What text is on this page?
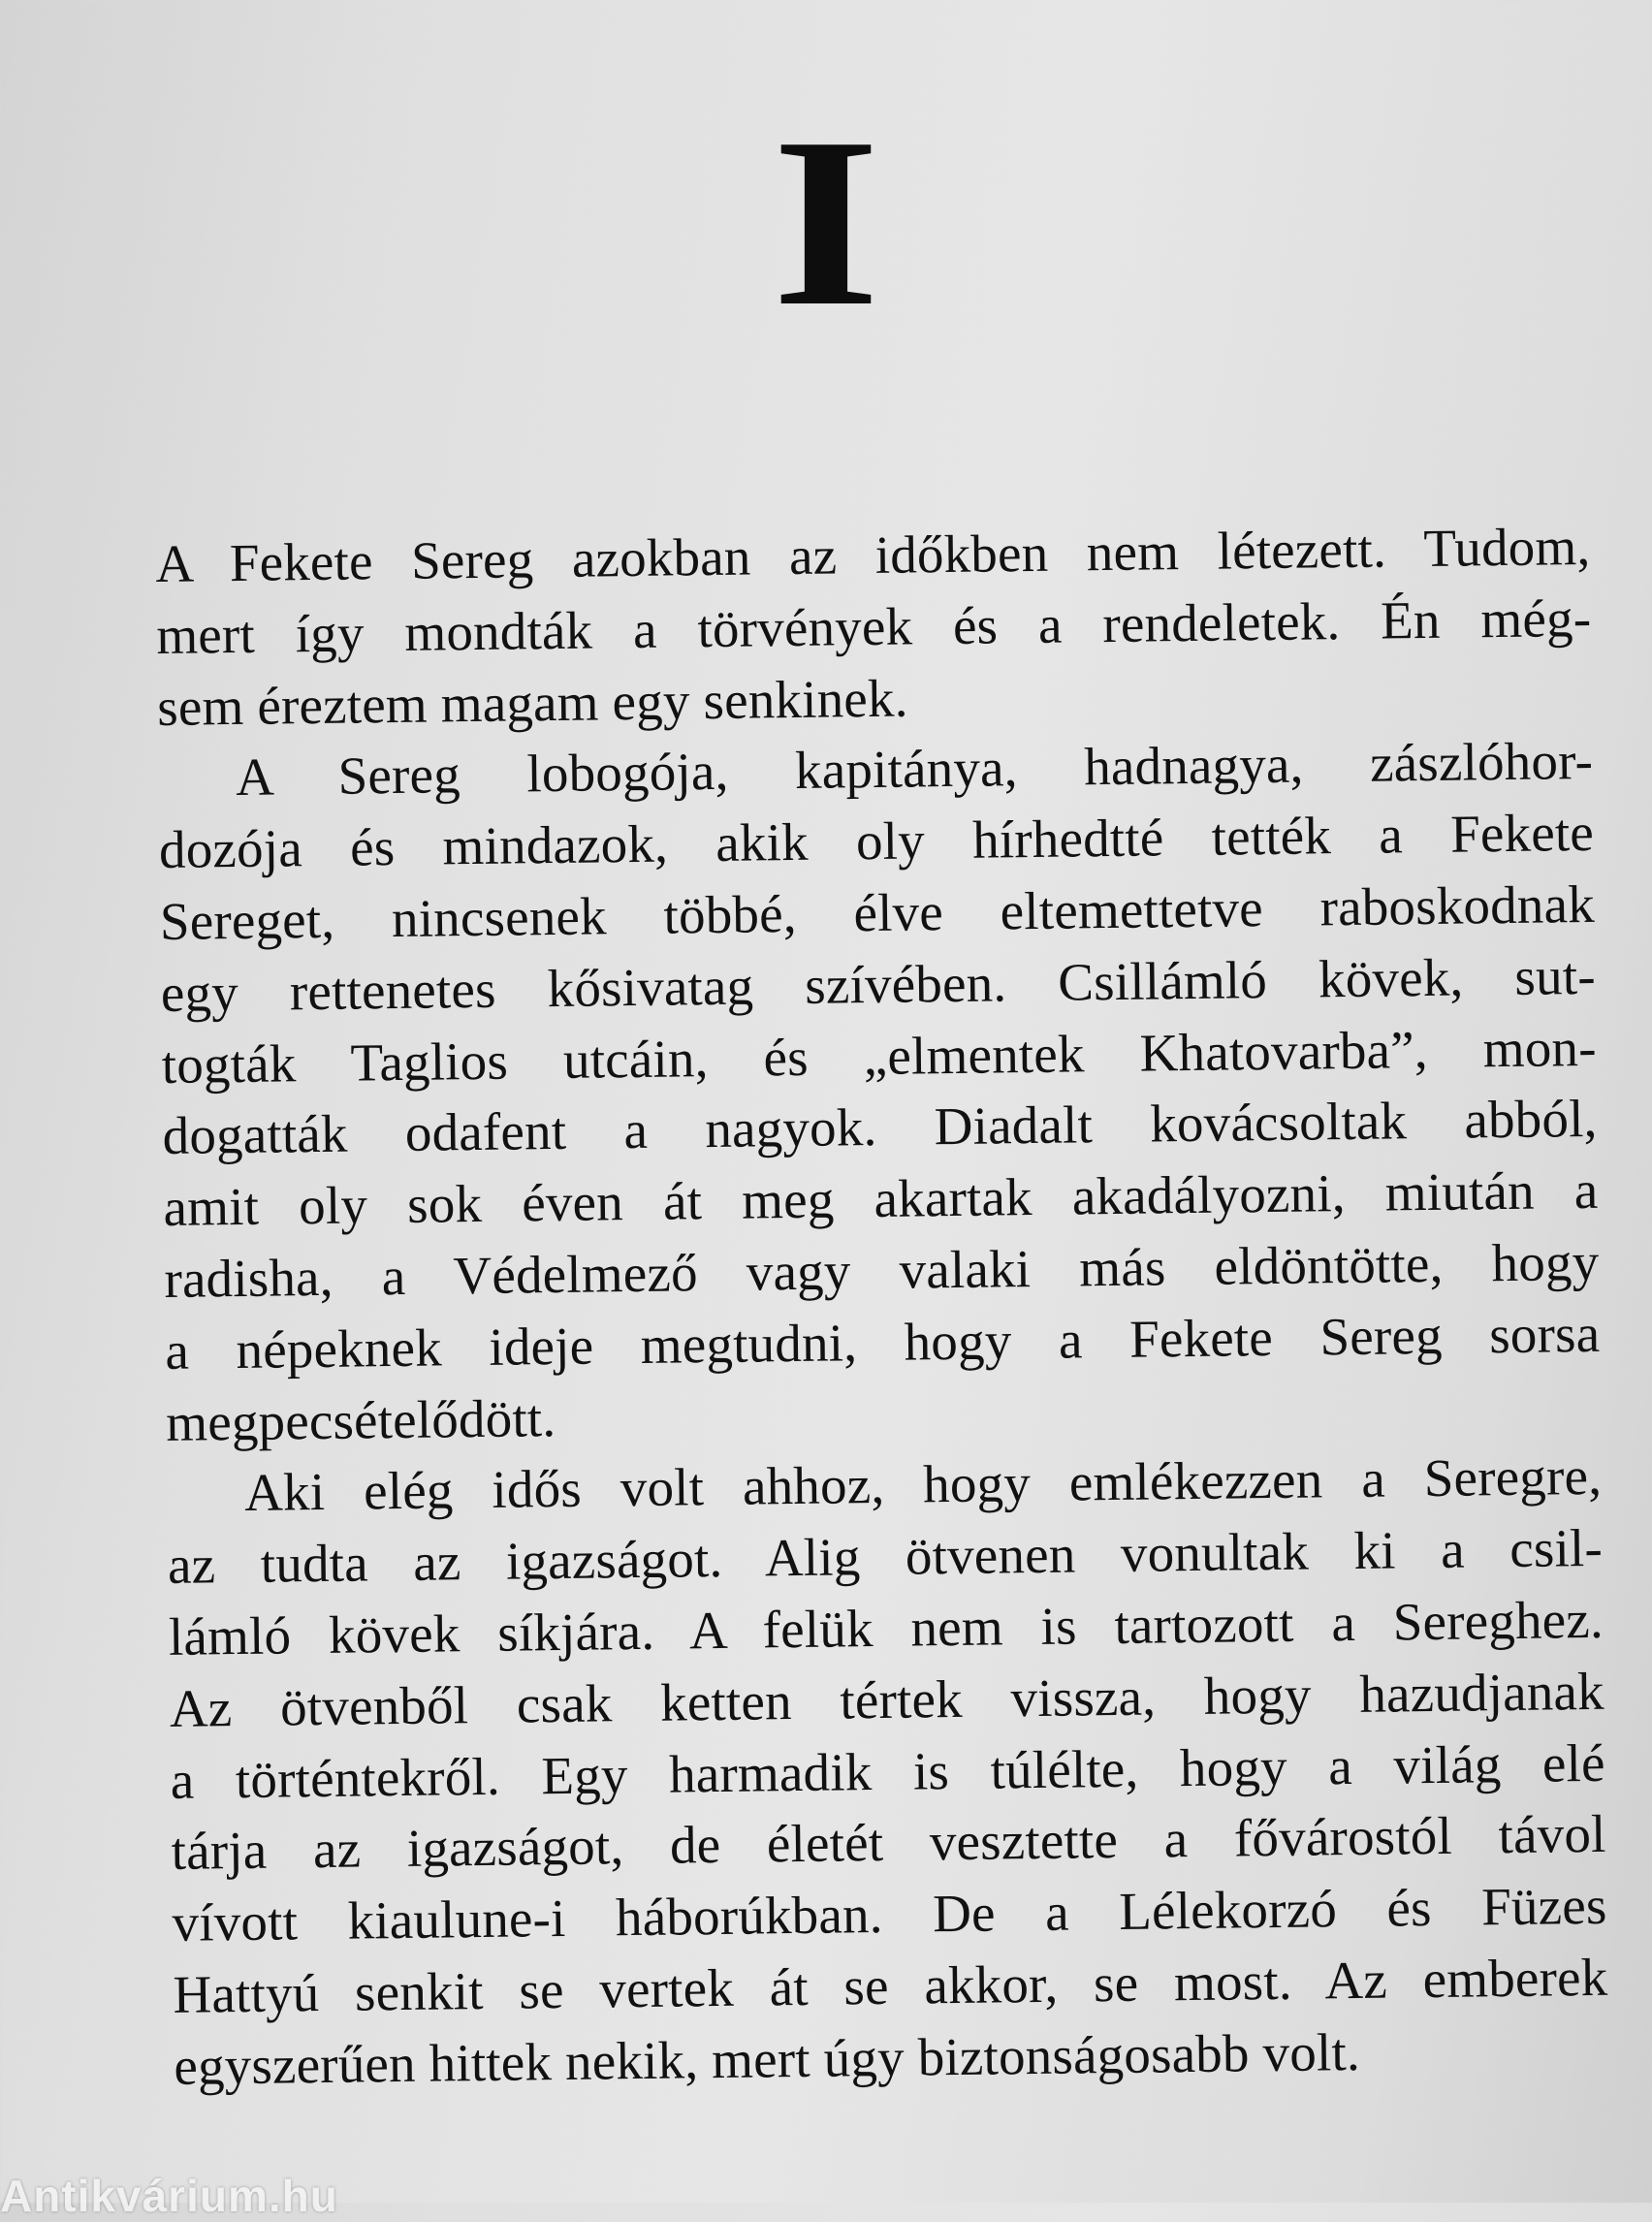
I
A Fekete Sereg azokban az időkben nem létezett. Tudom,
mert így mondták a törvények és a rendeletek. Én még-
sem éreztem magam egy senkinek.
A Sereg lobogója, kapitánya, hadnagya, zászlóhor-
dozója és mindazok, akik oly hírhedtté tették a Fekete
Sereget, nincsenek többé, élve eltemettetve raboskodnak
egy rettenetes kősivatag szívében. Csillámló kövek, sut-
togták Taglios utcáin, és „elmentek Khatovarba”, mon-
dogatták odafent a nagyok. Diadalt kovácsoltak abból,
amit oly sok éven át meg akartak akadályozni, miután a
radisha, a Védelmező vagy valaki más eldöntötte, hogy
a népeknek ideje megtudni, hogy a Fekete Sereg sorsa
megpecsételődött.
Aki elég idős volt ahhoz, hogy emlékezzen a Seregre,
az tudta az igazságot. Alig ötvenen vonultak ki a csil-
lámló kövek síkjára. A felük nem is tartozott a Sereghez.
Az ötvenből csak ketten tértek vissza, hogy hazudjanak
a történtekről. Egy harmadik is túlélte, hogy a világ elé
tárja az igazságot, de életét vesztette a fővárostól távol
vívott kiaulune-i háborúkban. De a Lélekorzó és Füzes
Hattyú senkit se vertek át se akkor, se most. Az emberek
egyszerűen hittek nekik, mert úgy biztonságosabb volt.
Antikvárium.hu
